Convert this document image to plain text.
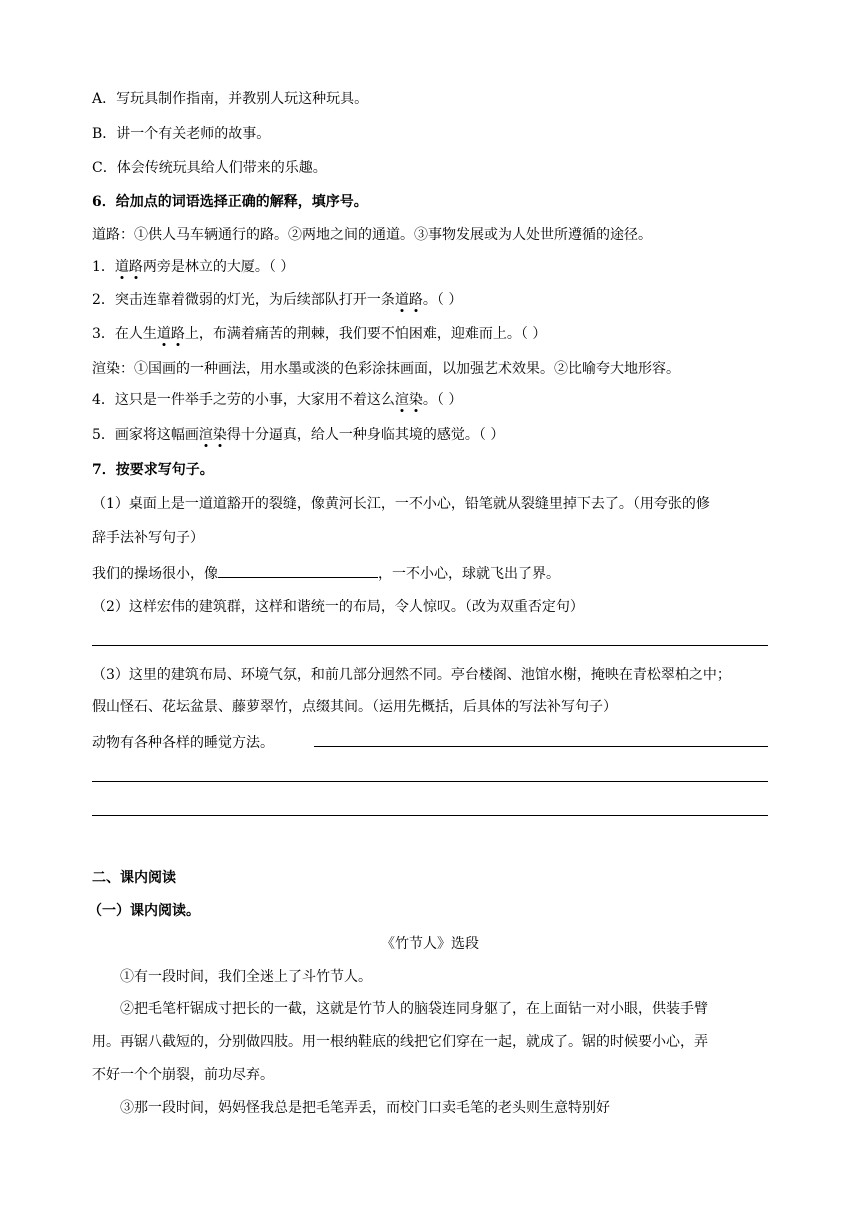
A．写玩具制作指南，并教别人玩这种玩具。
B．讲一个有关老师的故事。
C．体会传统玩具给人们带来的乐趣。
6．给加点的词语选择正确的解释，填序号。
道路：①供人马车辆通行的路。②两地之间的通道。③事物发展或为人处世所遵循的途径。
1．道路两旁是林立的大厦。（ ）
2．突击连靠着微弱的灯光，为后续部队打开一条道路。（ ）
3．在人生道路上，布满着痛苦的荆棘，我们要不怕困难，迎难而上。（ ）
渲染：①国画的一种画法，用水墨或淡的色彩涂抹画面，以加强艺术效果。②比喻夸大地形容。
4．这只是一件举手之劳的小事，大家用不着这么渲染。（ ）
5．画家将这幅画渲染得十分逼真，给人一种身临其境的感觉。（ ）
7．按要求写句子。
（1）桌面上是一道道豁开的裂缝，像黄河长江，一不小心，铅笔就从裂缝里掉下去了。（用夸张的修
辞手法补写句子）
我们的操场很小，像	，一不小心，球就飞出了界。
（2）这样宏伟的建筑群，这样和谐统一的布局，令人惊叹。（改为双重否定句）
（3）这里的建筑布局、环境气氛，和前几部分迥然不同。亭台楼阁、池馆水榭，掩映在青松翠柏之中；
假山怪石、花坛盆景、藤萝翠竹，点缀其间。（运用先概括，后具体的写法补写句子）
动物有各种各样的睡觉方法。
二、课内阅读
（一）课内阅读。
《竹节人》选段
①有一段时间，我们全迷上了斗竹节人。
②把毛笔杆锯成寸把长的一截，这就是竹节人的脑袋连同身躯了，在上面钻一对小眼，供装手臂
用。再锯八截短的，分别做四肢。用一根纳鞋底的线把它们穿在一起，就成了。锯的时候要小心，弄
不好一个个崩裂，前功尽弃。
③那一段时间，妈妈怪我总是把毛笔弄丢，而校门口卖毛笔的老头则生意特别好
